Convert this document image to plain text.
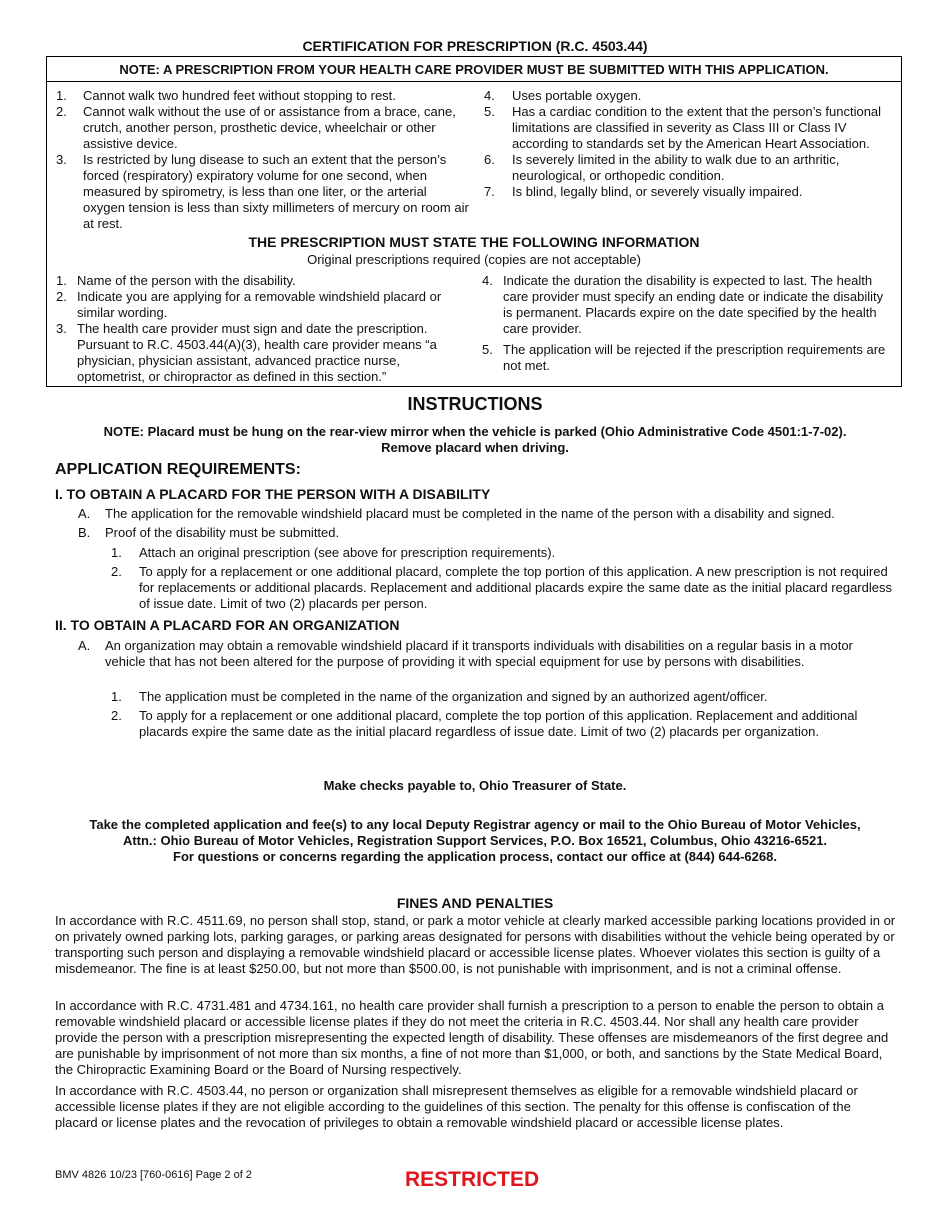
CERTIFICATION FOR PRESCRIPTION (R.C. 4503.44)
NOTE: A PRESCRIPTION FROM YOUR HEALTH CARE PROVIDER MUST BE SUBMITTED WITH THIS APPLICATION.
1. Cannot walk two hundred feet without stopping to rest.
2. Cannot walk without the use of or assistance from a brace, cane, crutch, another person, prosthetic device, wheelchair or other assistive device.
3. Is restricted by lung disease to such an extent that the person’s forced (respiratory) expiratory volume for one second, when measured by spirometry, is less than one liter, or the arterial oxygen tension is less than sixty millimeters of mercury on room air at rest.
4. Uses portable oxygen.
5. Has a cardiac condition to the extent that the person’s functional limitations are classified in severity as Class III or Class IV according to standards set by the American Heart Association.
6. Is severely limited in the ability to walk due to an arthritic, neurological, or orthopedic condition.
7. Is blind, legally blind, or severely visually impaired.
THE PRESCRIPTION MUST STATE THE FOLLOWING INFORMATION
Original prescriptions required (copies are not acceptable)
1. Name of the person with the disability.
2. Indicate you are applying for a removable windshield placard or similar wording.
3. The health care provider must sign and date the prescription. Pursuant to R.C. 4503.44(A)(3), health care provider means “a physician, physician assistant, advanced practice nurse, optometrist, or chiropractor as defined in this section.”
4. Indicate the duration the disability is expected to last. The health care provider must specify an ending date or indicate the disability is permanent. Placards expire on the date specified by the health care provider.
5. The application will be rejected if the prescription requirements are not met.
INSTRUCTIONS
NOTE: Placard must be hung on the rear-view mirror when the vehicle is parked (Ohio Administrative Code 4501:1-7-02).
Remove placard when driving.
APPLICATION REQUIREMENTS:
I. TO OBTAIN A PLACARD FOR THE PERSON WITH A DISABILITY
A. The application for the removable windshield placard must be completed in the name of the person with a disability and signed.
B. Proof of the disability must be submitted.
1. Attach an original prescription (see above for prescription requirements).
2. To apply for a replacement or one additional placard, complete the top portion of this application. A new prescription is not required for replacements or additional placards. Replacement and additional placards expire the same date as the initial placard regardless of issue date. Limit of two (2) placards per person.
II. TO OBTAIN A PLACARD FOR AN ORGANIZATION
A. An organization may obtain a removable windshield placard if it transports individuals with disabilities on a regular basis in a motor vehicle that has not been altered for the purpose of providing it with special equipment for use by persons with disabilities.
1. The application must be completed in the name of the organization and signed by an authorized agent/officer.
2. To apply for a replacement or one additional placard, complete the top portion of this application. Replacement and additional placards expire the same date as the initial placard regardless of issue date. Limit of two (2) placards per organization.
Make checks payable to, Ohio Treasurer of State.
Take the completed application and fee(s) to any local Deputy Registrar agency or mail to the Ohio Bureau of Motor Vehicles,
Attn.: Ohio Bureau of Motor Vehicles, Registration Support Services, P.O. Box 16521, Columbus, Ohio 43216-6521.
For questions or concerns regarding the application process, contact our office at (844) 644-6268.
FINES AND PENALTIES
In accordance with R.C. 4511.69, no person shall stop, stand, or park a motor vehicle at clearly marked accessible parking locations provided in or on privately owned parking lots, parking garages, or parking areas designated for persons with disabilities without the vehicle being operated by or transporting such person and displaying a removable windshield placard or accessible license plates. Whoever violates this section is guilty of a misdemeanor. The fine is at least $250.00, but not more than $500.00, is not punishable with imprisonment, and is not a criminal offense.
In accordance with R.C. 4731.481 and 4734.161, no health care provider shall furnish a prescription to a person to enable the person to obtain a removable windshield placard or accessible license plates if they do not meet the criteria in R.C. 4503.44. Nor shall any health care provider provide the person with a prescription misrepresenting the expected length of disability. These offenses are misdemeanors of the first degree and are punishable by imprisonment of not more than six months, a fine of not more than $1,000, or both, and sanctions by the State Medical Board, the Chiropractic Examining Board or the Board of Nursing respectively.
In accordance with R.C. 4503.44, no person or organization shall misrepresent themselves as eligible for a removable windshield placard or accessible license plates if they are not eligible according to the guidelines of this section. The penalty for this offense is confiscation of the placard or license plates and the revocation of privileges to obtain a removable windshield placard or accessible license plates.
BMV 4826 10/23 [760-0616] Page 2 of 2	RESTRICTED
